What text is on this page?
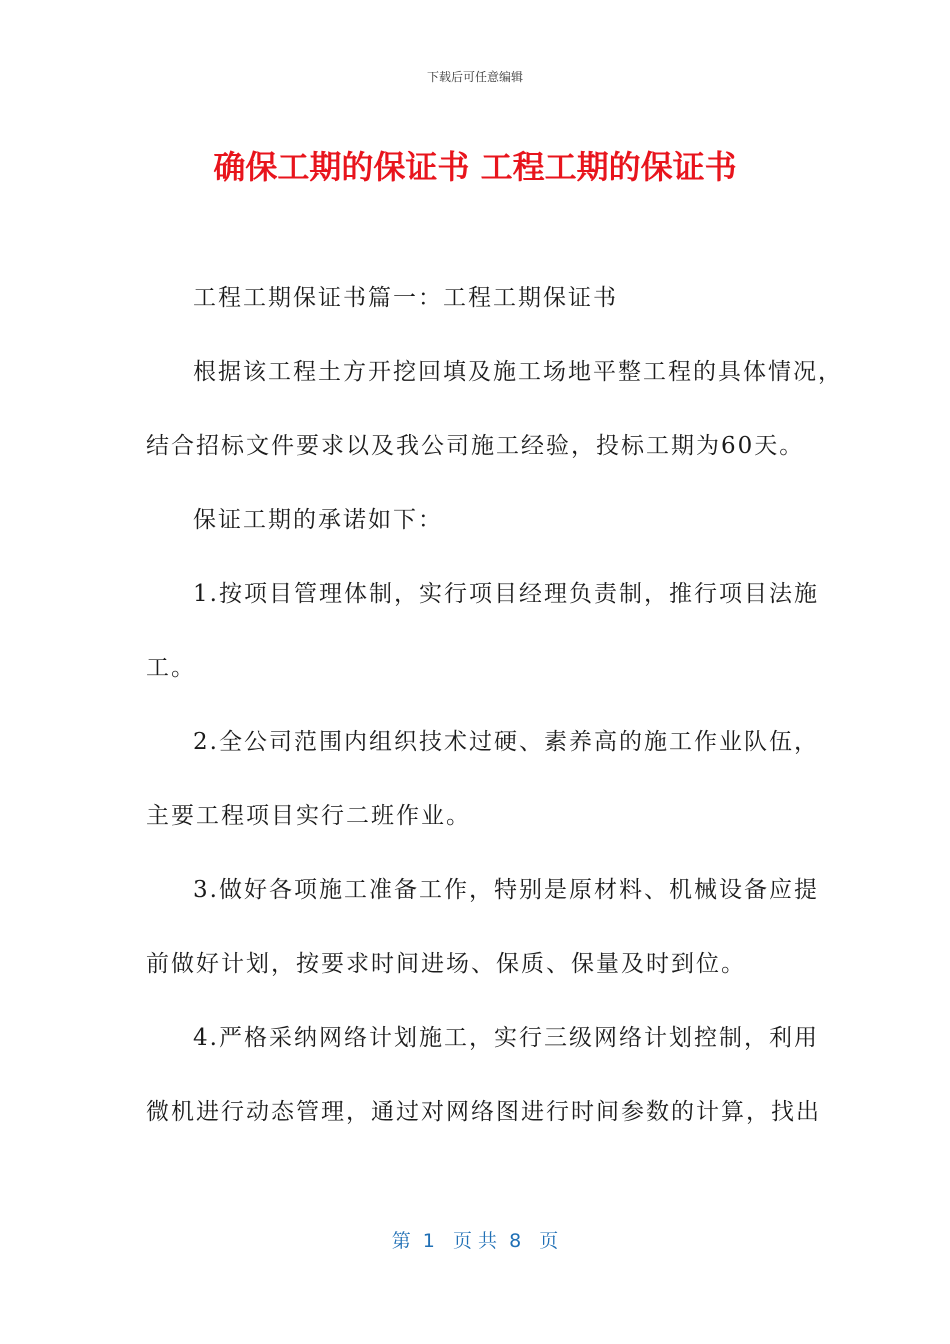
下载后可任意编辑
确保工期的保证书 工程工期的保证书
工程工期保证书篇一：工程工期保证书
根据该工程土方开挖回填及施工场地平整工程的具体情况，
结合招标文件要求以及我公司施工经验，投标工期为60天。
保证工期的承诺如下：
1.按项目管理体制，实行项目经理负责制，推行项目法施
工。
2.全公司范围内组织技术过硬、素养高的施工作业队伍，
主要工程项目实行二班作业。
3.做好各项施工准备工作，特别是原材料、机械设备应提
前做好计划，按要求时间进场、保质、保量及时到位。
4.严格采纳网络计划施工，实行三级网络计划控制，利用
微机进行动态管理，通过对网络图进行时间参数的计算，找出
第  1   页 共  8   页
